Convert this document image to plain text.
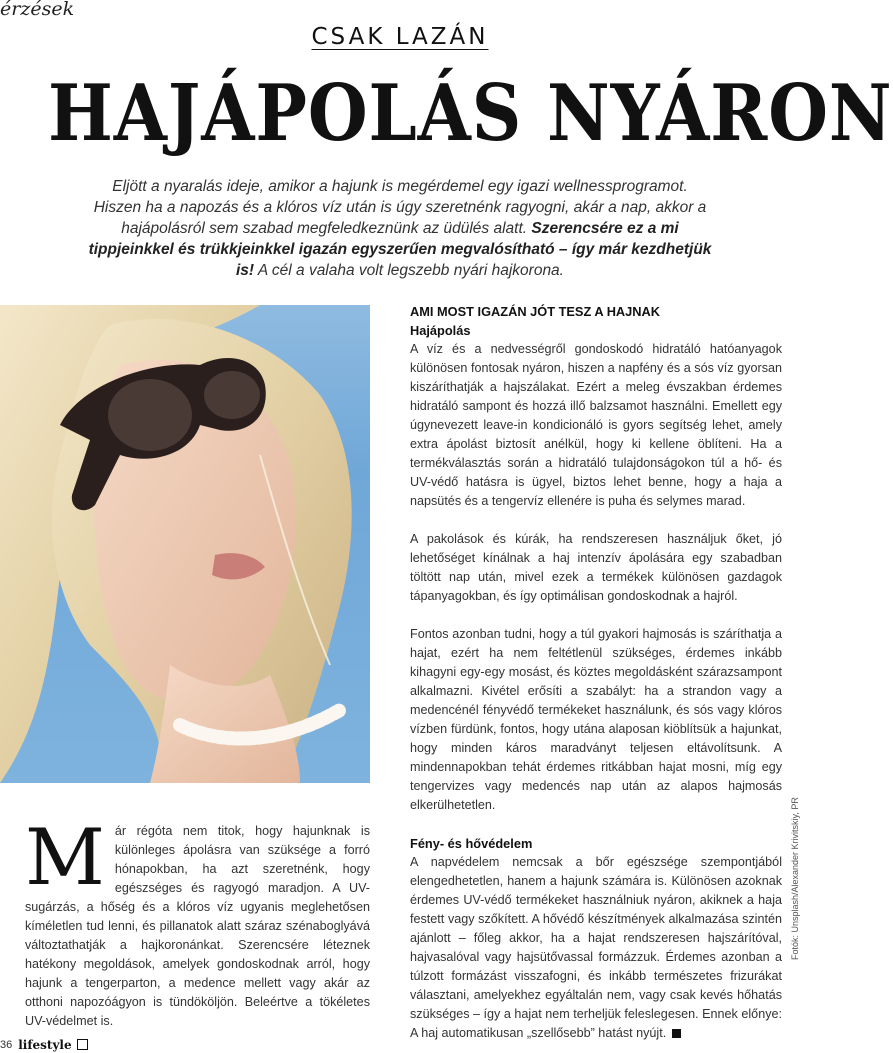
érzések
CSAK LAZÁN
HAJÁPOLÁS NYÁRON
Eljött a nyaralás ideje, amikor a hajunk is megérdemel egy igazi wellnessprogramot. Hiszen ha a napozás és a klóros víz után is úgy szeretnénk ragyogni, akár a nap, akkor a hajápolásról sem szabad megfeledkeznünk az üdülés alatt. Szerencsére ez a mi tippjeinkkel és trükkjeinkkel igazán egyszerűen megvalósítható – így már kezdhetjük is! A cél a valaha volt legszebb nyári hajkorona.
AMI MOST IGAZÁN JÓT TESZ A HAJNAK
Hajápolás

A víz és a nedvességről gondoskodó hidratáló hatóanyagok különösen fontosak nyáron, hiszen a napfény és a sós víz gyorsan kiszáríthatják a hajszálakat. Ezért a meleg évszakban érdemes hidratáló sampont és hozzá illő balzsamot használni. Emellett egy úgynevezett leave-in kondicionáló is gyors segítség lehet, amely extra ápolást biztosít anélkül, hogy ki kellene öblíteni. Ha a termékválasztás során a hidratáló tulajdonságokon túl a hő- és UV-védő hatásra is ügyel, biztos lehet benne, hogy a haja a napsütés és a tengervíz ellenére is puha és selymes marad.

A pakolások és kúrák, ha rendszeresen használjuk őket, jó lehetőséget kínálnak a haj intenzív ápolására egy szabadban töltött nap után, mivel ezek a termékek különösen gazdagok tápanyagokban, és így optimálisan gondoskodnak a hajról.

Fontos azonban tudni, hogy a túl gyakori hajmosás is száríthatja a hajat, ezért ha nem feltétlenül szükséges, érdemes inkább kihagyni egy-egy mosást, és köztes megoldásként szárazsampont alkalmazni. Kivétel erősíti a szabályt: ha a strandon vagy a medencénél fényvédő termékeket használunk, és sós vagy klóros vízben fürdünk, fontos, hogy utána alaposan kiöblítsük a hajunkat, hogy minden káros maradványt teljesen eltávolítsunk. A mindennapokban tehát érdemes ritkábban hajat mosni, míg egy tengervizes vagy medencés nap után az alapos hajmosás elkerülhetetlen.

Fény- és hővédelem

A napvédelem nemcsak a bőr egészsége szempontjából elengedhetetlen, hanem a hajunk számára is. Különösen azoknak érdemes UV-védő termékeket használniuk nyáron, akiknek a haja festett vagy szőkített. A hővédő készítmények alkalmazása szintén ajánlott – főleg akkor, ha a hajat rendszeresen hajszárítóval, hajvasalóval vagy hajsütővassal formázzuk. Érdemes azonban a túlzott formázást visszafogni, és inkább természetes frizurákat választani, amelyekhez egyáltalán nem, vagy csak kevés hőhatás szükséges – így a hajat nem terheljük feleslegesen. Ennek előnye: A haj automatikusan „szellősebb” hatást nyújt.

Már régóta nem titok, hogy hajunknak is különleges ápolásra van szüksége a forró hónapokban, ha azt szeretnénk, hogy egészséges és ragyogó maradjon. A UV-sugárzás, a hőség és a klóros víz ugyanis meglehetősen kíméletlen tud lenni, és pillanatok alatt száraz szénaboglyává változtathatják a hajkoronánkat. Szerencsére léteznek hatékony megoldások, amelyek gondoskodnak arról, hogy hajunk a tengerparton, a medence mellett vagy akár az otthoni napozóágyon is tündököljön. Beleértve a tökéletes UV-védelmet is.
Fotók: Unsplash/Alexander Krivitskiy, PR
36 lifestyle
